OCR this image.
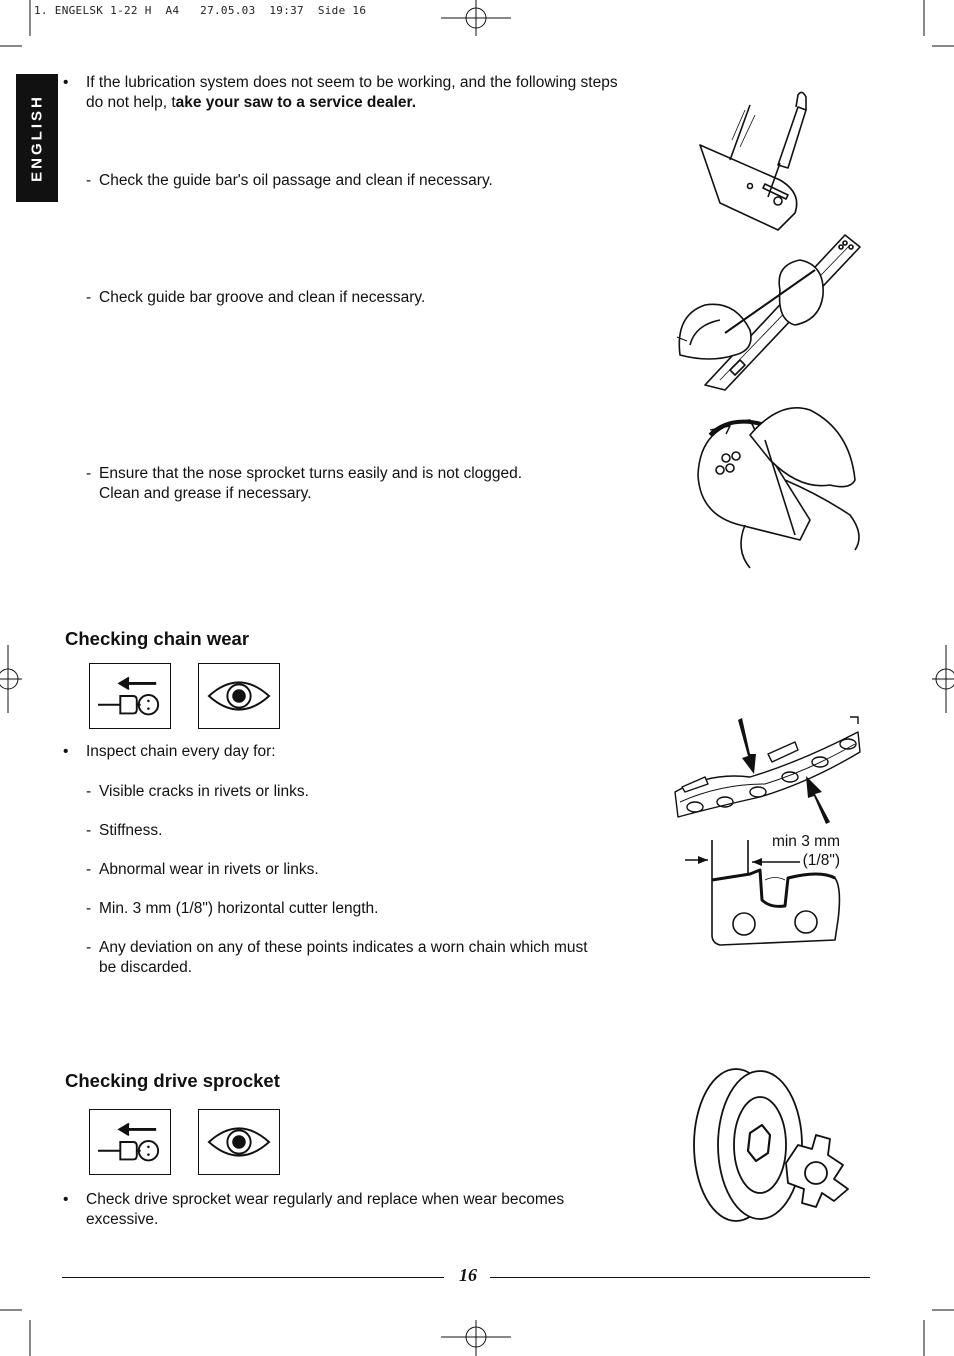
1. ENGELSK 1-22 H  A4   27.05.03  19:37  Side 16
ENGLISH
• If the lubrication system does not seem to be working, and the following steps do not help, take your saw to a service dealer.
- Check the guide bar's oil passage and clean if necessary.
- Check guide bar groove and clean if necessary.
- Ensure that the nose sprocket turns easily and is not clogged.
Clean and grease if necessary.
Checking chain wear
• Inspect chain every day for:
- Visible cracks in rivets or links.
- Stiffness.
- Abnormal wear in rivets or links.
- Min. 3 mm (1/8") horizontal cutter length.
- Any deviation on any of these points indicates a worn chain which must
be discarded.
min 3 mm
(1/8")
Checking drive sprocket
• Check drive sprocket wear regularly and replace when wear becomes
excessive.
16
